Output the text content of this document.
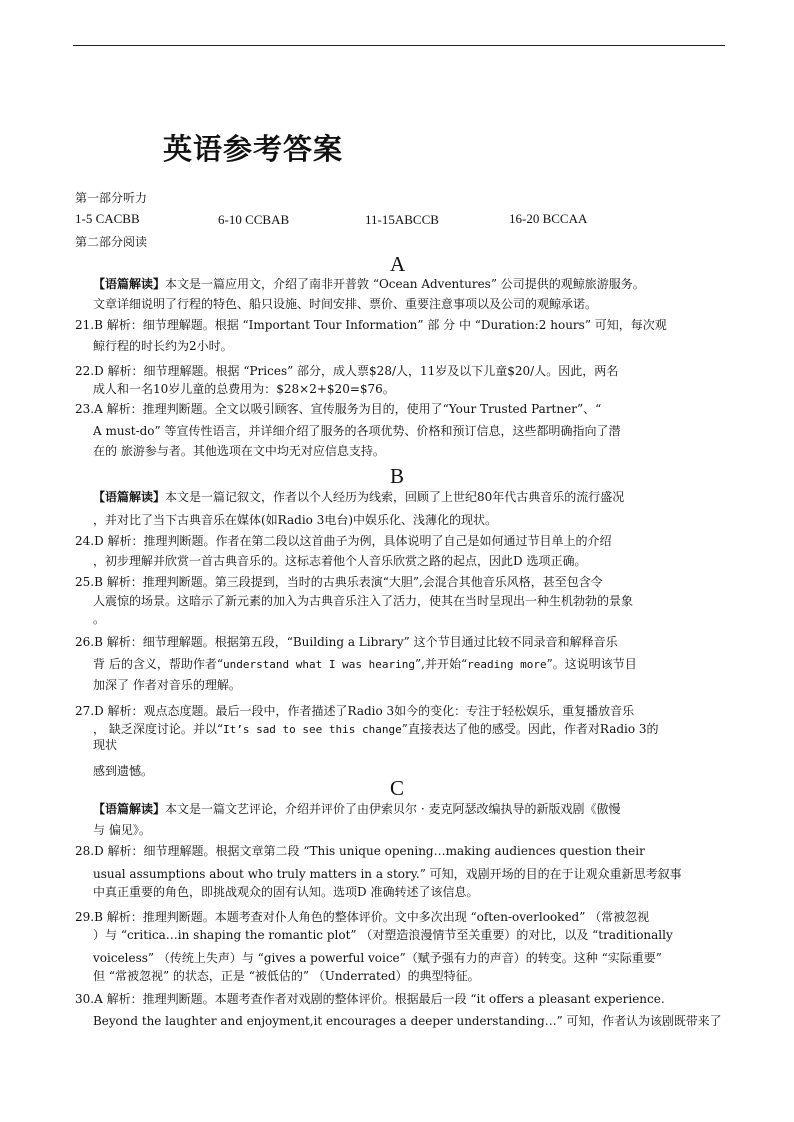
英语参考答案
第一部分听力
1-5 CACBB	6-10 CCBAB	11-15ABCCB	16-20 BCCAA
第二部分阅读
A
【语篇解读】本文是一篇应用文，介绍了南非开普敦 “Ocean Adventures” 公司提供的观鲸旅游服务。
文章详细说明了行程的特色、船只设施、时间安排、票价、重要注意事项以及公司的观鲸承诺。
21.B 解析：细节理解题。根据 “Important Tour Information” 部 分 中 “Duration:2 hours” 可知，每次观
鲸行程的时长约为2小时。
22.D 解析：细节理解题。根据 “Prices” 部分，成人票$28/人，11岁及以下儿童$20/人。因此，两名
成人和一名10岁儿童的总费用为：$28×2+$20=$76。
23.A 解析：推理判断题。全文以吸引顾客、宣传服务为目的，使用了“Your Trusted Partner”、“
A must-do” 等宣传性语言，并详细介绍了服务的各项优势、价格和预订信息，这些都明确指向了潜
在的 旅游参与者。其他选项在文中均无对应信息支持。
B
【语篇解读】本文是一篇记叙文，作者以个人经历为线索，回顾了上世纪80年代古典音乐的流行盛况
，并对比了当下古典音乐在媒体(如Radio 3电台)中娱乐化、浅薄化的现状。
24.D 解析：推理判断题。作者在第二段以这首曲子为例，具体说明了自己是如何通过节目单上的介绍
，初步理解并欣赏一首古典音乐的。这标志着他个人音乐欣赏之路的起点，因此D 选项正确。
25.B 解析：推理判断题。第三段提到，当时的古典乐表演“大胆”,会混合其他音乐风格，甚至包含令
人震惊的场景。这暗示了新元素的加入为古典音乐注入了活力，使其在当时呈现出一种生机勃勃的景象
。
26.B 解析：细节理解题。根据第五段，“Building a Library” 这个节目通过比较不同录音和解释音乐
背 后的含义，帮助作者“understand what I was hearing”,并开始“reading more”。这说明该节目
加深了 作者对音乐的理解。
27.D 解析：观点态度题。最后一段中，作者描述了Radio 3如今的变化：专注于轻松娱乐，重复播放音乐
， 缺乏深度讨论。并以“It’s sad to see this change”直接表达了他的感受。因此，作者对Radio 3的
现状
感到遗憾。
C
【语篇解读】本文是一篇文艺评论，介绍并评价了由伊索贝尔 · 麦克阿瑟改编执导的新版戏剧《傲慢
与 偏见》。
28.D 解析：细节理解题。根据文章第二段 “This unique opening…making audiences question their
usual assumptions about who truly matters in a story.” 可知，戏剧开场的目的在于让观众重新思考叙事
中真正重要的角色，即挑战观众的固有认知。选项D 准确转述了该信息。
29.B 解析：推理判断题。本题考查对仆人角色的整体评价。文中多次出现 “often-overlooked” （常被忽视
）与 “critica…in shaping the romantic plot” （对塑造浪漫情节至关重要）的对比，以及 “traditionally
voiceless” （传统上失声）与 “gives a powerful voice”（赋予强有力的声音）的转变。这种 “实际重要”
但 “常被忽视” 的状态，正是 “被低估的” （Underrated）的典型特征。
30.A 解析：推理判断题。本题考查作者对戏剧的整体评价。根据最后一段 “it offers a pleasant experience.
Beyond the laughter and enjoyment,it encourages a deeper understanding…” 可知，作者认为该剧既带来了
